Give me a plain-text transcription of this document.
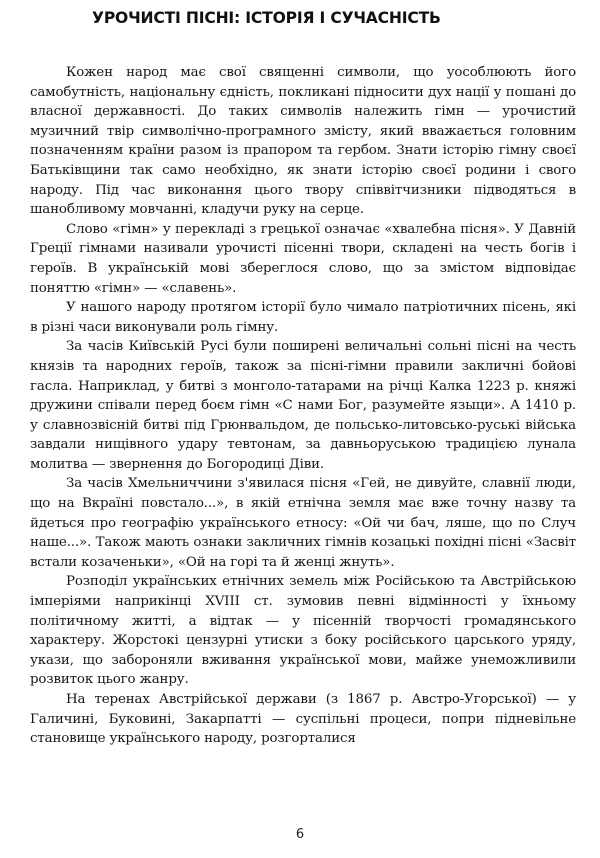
УРОЧИСТІ ПІСНІ: ІСТОРІЯ І СУЧАСНІСТЬ

Кожен народ має свої священні символи, що уособлюють його самобутність, національну єдність, покликані підносити дух нації у пошані до власної державності. До таких символів належить гімн — урочистий музичний твір символічно-програмного змісту, який вважається головним позначенням країни разом із прапором та гербом. Знати історію гімну своєї Батьківщини так само необхідно, як знати історію своєї родини і свого народу. Під час виконання цього твору співвітчизники підводяться в шанобливому мовчанні, кладучи руку на серце.

Слово «гімн» у перекладі з грецької означає «хвалебна пісня». У Давній Греції гімнами називали урочисті пісенні твори, складені на честь богів і героїв. В українській мові збереглося слово, що за змістом відповідає поняттю «гімн» — «славень».

У нашого народу протягом історії було чимало патріотичних пісень, які в різні часи виконували роль гімну.

За часів Київській Русі були поширені величальні сольні пісні на честь князів та народних героїв, також за пісні-гімни правили закличні бойові гасла. Наприклад, у битві з монголо-татарами на річці Калка 1223 р. княжі дружини співали перед боєм гімн «С нами Бог, разумейте языци». А 1410 р. у славнозвісній битві під Грюнвальдом, де польсько-литовсько-руські війська завдали нищівного удару тевтонам, за давньоруською традицією лунала молитва — звернення до Богородиці Діви.

За часів Хмельниччини з'явилася пісня «Гей, не дивуйте, славнії люди, що на Вкраїні повстало...», в якій етнічна земля має вже точну назву та йдеться про географію українського етносу: «Ой чи бач, ляше, що по Случ наше...». Також мають ознаки закличних гімнів козацькі похідні пісні «Засвіт встали козаченьки», «Ой на горі та й женці жнуть».

Розподіл українських етнічних земель між Російською та Австрійською імперіями наприкінці XVIII ст. зумовив певні відмінності у їхньому політичному житті, а відтак — у пісенній творчості громадянського характеру. Жорстокі цензурні утиски з боку російського царського уряду, укази, що забороняли вживання української мови, майже унеможливили розвиток цього жанру.

На теренах Австрійської держави (з 1867 р. Австро-Угорської) — у Галичині, Буковині, Закарпатті — суспільні процеси, попри підневільне становище українського народу, розгорталися

6
